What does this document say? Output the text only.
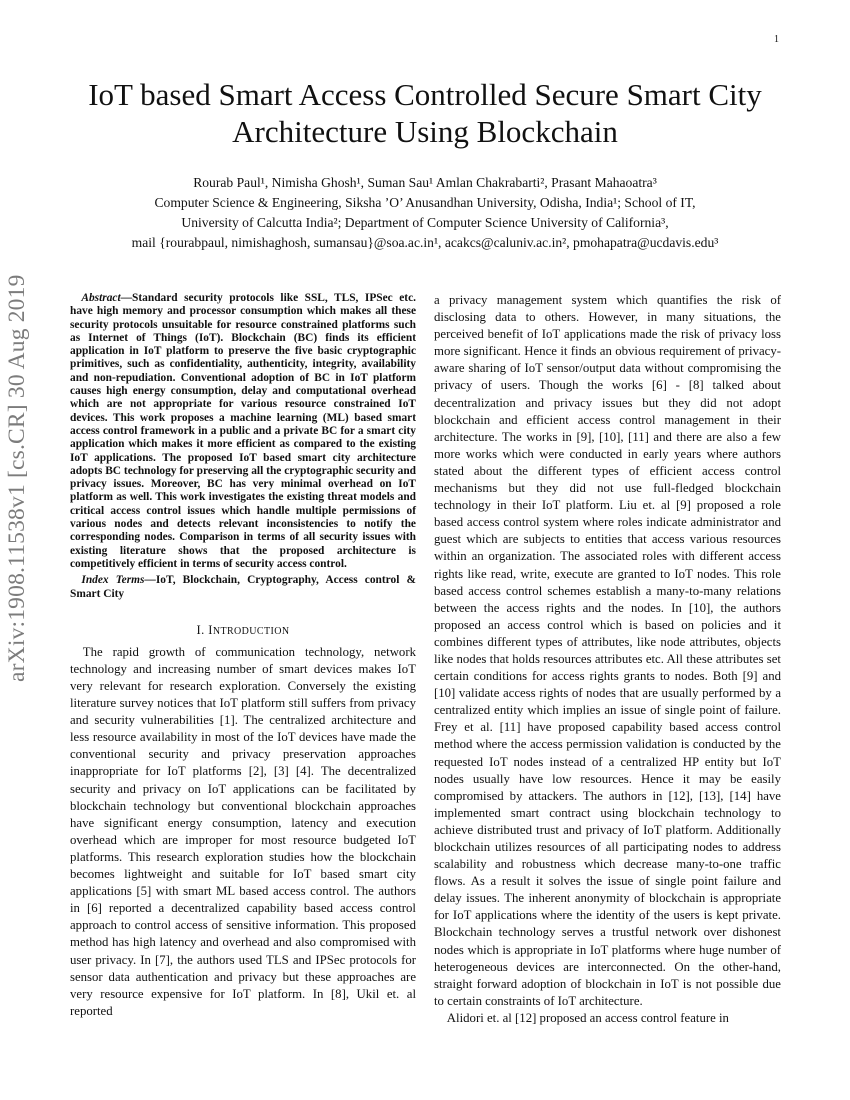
1
arXiv:1908.11538v1 [cs.CR] 30 Aug 2019
IoT based Smart Access Controlled Secure Smart City Architecture Using Blockchain
Rourab Paul¹, Nimisha Ghosh¹, Suman Sau¹ Amlan Chakrabarti², Prasant Mahaoatra³
Computer Science & Engineering, Siksha ’O’ Anusandhan University, Odisha, India¹; School of IT,
University of Calcutta India²; Department of Computer Science University of California³,
mail {rourabpaul, nimishaghosh, sumansau}@soa.ac.in¹, acakcs@caluniv.ac.in², pmohapatra@ucdavis.edu³

Abstract—Standard security protocols like SSL, TLS, IPSec etc. have high memory and processor consumption which makes all these security protocols unsuitable for resource constrained platforms such as Internet of Things (IoT). Blockchain (BC) finds its efficient application in IoT platform to preserve the five basic cryptographic primitives, such as confidentiality, authenticity, integrity, availability and non-repudiation. Conventional adoption of BC in IoT platform causes high energy consumption, delay and computational overhead which are not appropriate for various resource constrained IoT devices. This work proposes a machine learning (ML) based smart access control framework in a public and a private BC for a smart city application which makes it more efficient as compared to the existing IoT applications. The proposed IoT based smart city architecture adopts BC technology for preserving all the cryptographic security and privacy issues. Moreover, BC has very minimal overhead on IoT platform as well. This work investigates the existing threat models and critical access control issues which handle multiple permissions of various nodes and detects relevant inconsistencies to notify the corresponding nodes. Comparison in terms of all security issues with existing literature shows that the proposed architecture is competitively efficient in terms of security access control.

Index Terms—IoT, Blockchain, Cryptography, Access control & Smart City

I. INTRODUCTION

The rapid growth of communication technology, network technology and increasing number of smart devices makes IoT very relevant for research exploration. Conversely the existing literature survey notices that IoT platform still suffers from privacy and security vulnerabilities [1]. The centralized architecture and less resource availability in most of the IoT devices have made the conventional security and privacy preservation approaches inappropriate for IoT platforms [2], [3] [4]. The decentralized security and privacy on IoT applications can be facilitated by blockchain technology but conventional blockchain approaches have significant energy consumption, latency and execution overhead which are improper for most resource budgeted IoT platforms. This research exploration studies how the blockchain becomes lightweight and suitable for IoT based smart city applications [5] with smart ML based access control. The authors in [6] reported a decentralized capability based access control approach to control access of sensitive information. This proposed method has high latency and overhead and also compromised with user privacy. In [7], the authors used TLS and IPSec protocols for sensor data authentication and privacy but these approaches are very resource expensive for IoT platform. In [8], Ukil et. al reported

a privacy management system which quantifies the risk of disclosing data to others. However, in many situations, the perceived benefit of IoT applications made the risk of privacy loss more significant. Hence it finds an obvious requirement of privacy-aware sharing of IoT sensor/output data without compromising the privacy of users. Though the works [6] - [8] talked about decentralization and privacy issues but they did not adopt blockchain and efficient access control management in their architecture. The works in [9], [10], [11] and there are also a few more works which were conducted in early years where authors stated about the different types of efficient access control mechanisms but they did not use full-fledged blockchain technology in their IoT platform. Liu et. al [9] proposed a role based access control system where roles indicate administrator and guest which are subjects to entities that access various resources within an organization. The associated roles with different access rights like read, write, execute are granted to IoT nodes. This role based access control schemes establish a many-to-many relations between the access rights and the nodes. In [10], the authors proposed an access control which is based on policies and it combines different types of attributes, like node attributes, objects like nodes that holds resources attributes etc. All these attributes set certain conditions for access rights grants to nodes. Both [9] and [10] validate access rights of nodes that are usually performed by a centralized entity which implies an issue of single point of failure. Frey et al. [11] have proposed capability based access control method where the access permission validation is conducted by the requested IoT nodes instead of a centralized HP entity but IoT nodes usually have low resources. Hence it may be easily compromised by attackers. The authors in [12], [13], [14] have implemented smart contract using blockchain technology to achieve distributed trust and privacy of IoT platform. Additionally blockchain utilizes resources of all participating nodes to address scalability and robustness which decrease many-to-one traffic flows. As a result it solves the issue of single point failure and delay issues. The inherent anonymity of blockchain is appropriate for IoT applications where the identity of the users is kept private. Blockchain technology serves a trustful network over dishonest nodes which is appropriate in IoT platforms where huge number of heterogeneous devices are interconnected. On the other-hand, straight forward adoption of blockchain in IoT is not possible due to certain constraints of IoT architecture.

Alidori et. al [12] proposed an access control feature in
